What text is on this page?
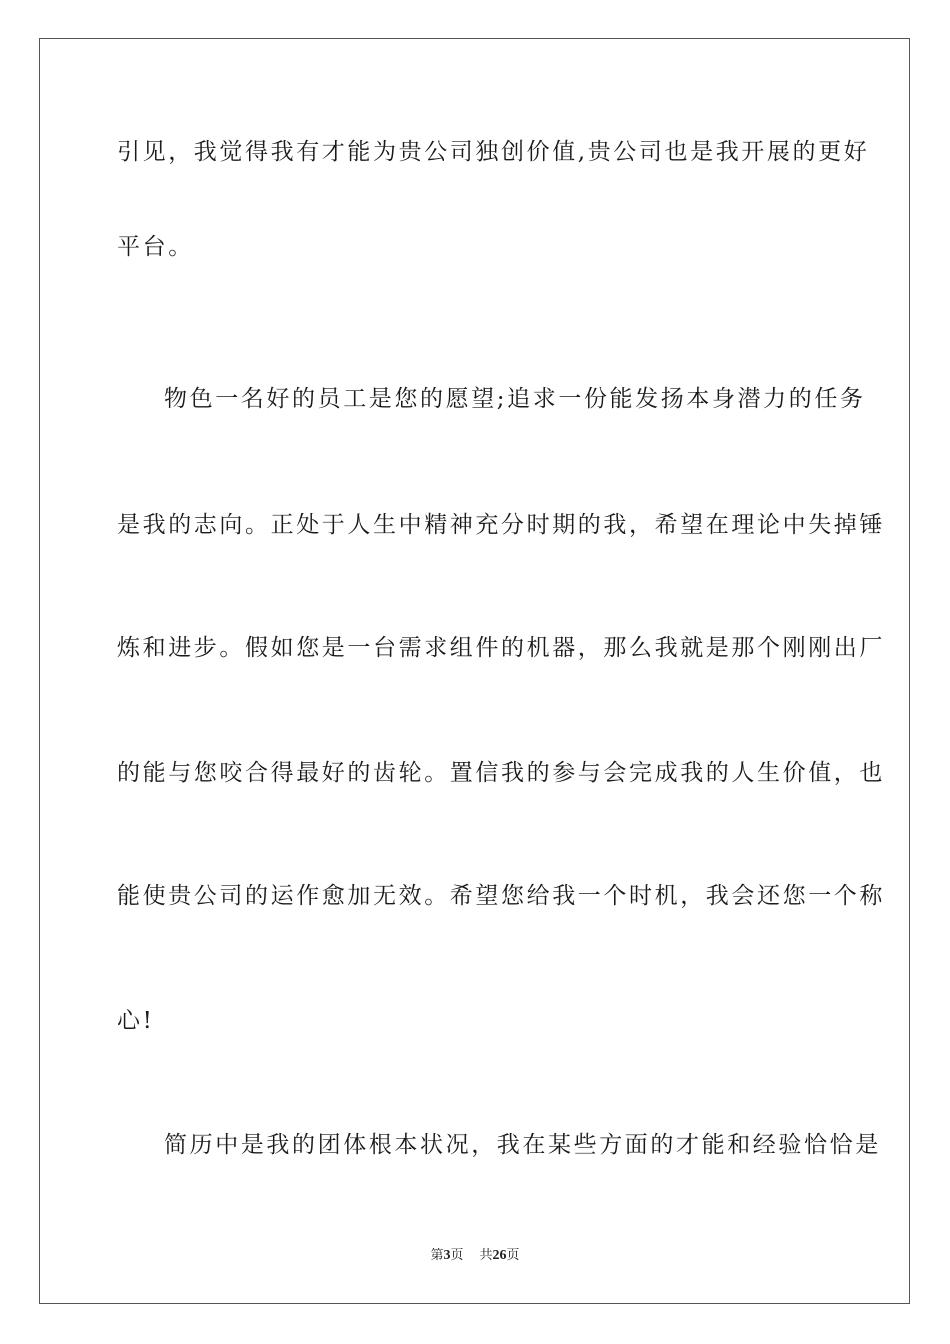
引见，我觉得我有才能为贵公司独创价值,贵公司也是我开展的更好
平台。
物色一名好的员工是您的愿望;追求一份能发扬本身潜力的任务
是我的志向。正处于人生中精神充分时期的我，希望在理论中失掉锤
炼和进步。假如您是一台需求组件的机器，那么我就是那个刚刚出厂
的能与您咬合得最好的齿轮。置信我的参与会完成我的人生价值，也
能使贵公司的运作愈加无效。希望您给我一个时机，我会还您一个称
心!
简历中是我的团体根本状况，我在某些方面的才能和经验恰恰是
第3页 共26页
